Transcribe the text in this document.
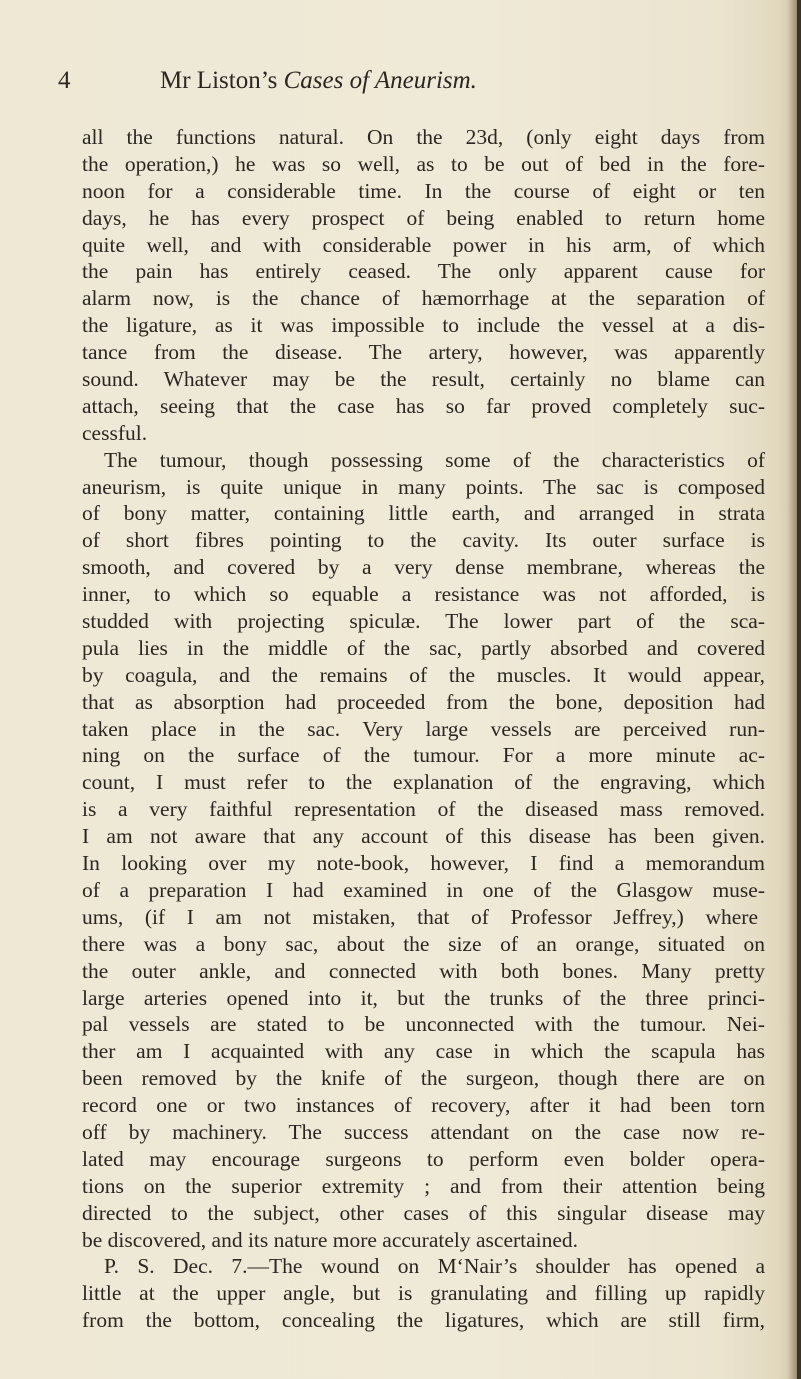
4	Mr Liston’s Cases of Aneurism.
all the functions natural. On the 23d, (only eight days from
the operation,) he was so well, as to be out of bed in the fore-
noon for a considerable time. In the course of eight or ten
days, he has every prospect of being enabled to return home
quite well, and with considerable power in his arm, of which
the pain has entirely ceased. The only apparent cause for
alarm now, is the chance of hæmorrhage at the separation of
the ligature, as it was impossible to include the vessel at a dis-
tance from the disease. The artery, however, was apparently
sound. Whatever may be the result, certainly no blame can
attach, seeing that the case has so far proved completely suc-
cessful.
The tumour, though possessing some of the characteristics of
aneurism, is quite unique in many points. The sac is composed
of bony matter, containing little earth, and arranged in strata
of short fibres pointing to the cavity. Its outer surface is
smooth, and covered by a very dense membrane, whereas the
inner, to which so equable a resistance was not afforded, is
studded with projecting spiculæ. The lower part of the sca-
pula lies in the middle of the sac, partly absorbed and covered
by coagula, and the remains of the muscles. It would appear,
that as absorption had proceeded from the bone, deposition had
taken place in the sac. Very large vessels are perceived run-
ning on the surface of the tumour. For a more minute ac-
count, I must refer to the explanation of the engraving, which
is a very faithful representation of the diseased mass removed.
I am not aware that any account of this disease has been given.
In looking over my note-book, however, I find a memorandum
of a preparation I had examined in one of the Glasgow muse-
ums, (if I am not mistaken, that of Professor Jeffrey,) where
there was a bony sac, about the size of an orange, situated on
the outer ankle, and connected with both bones. Many pretty
large arteries opened into it, but the trunks of the three princi-
pal vessels are stated to be unconnected with the tumour. Nei-
ther am I acquainted with any case in which the scapula has
been removed by the knife of the surgeon, though there are on
record one or two instances of recovery, after it had been torn
off by machinery. The success attendant on the case now re-
lated may encourage surgeons to perform even bolder opera-
tions on the superior extremity ; and from their attention being
directed to the subject, other cases of this singular disease may
be discovered, and its nature more accurately ascertained.
P. S. Dec. 7.—The wound on M‘Nair’s shoulder has opened a
little at the upper angle, but is granulating and filling up rapidly
from the bottom, concealing the ligatures, which are still firm,
